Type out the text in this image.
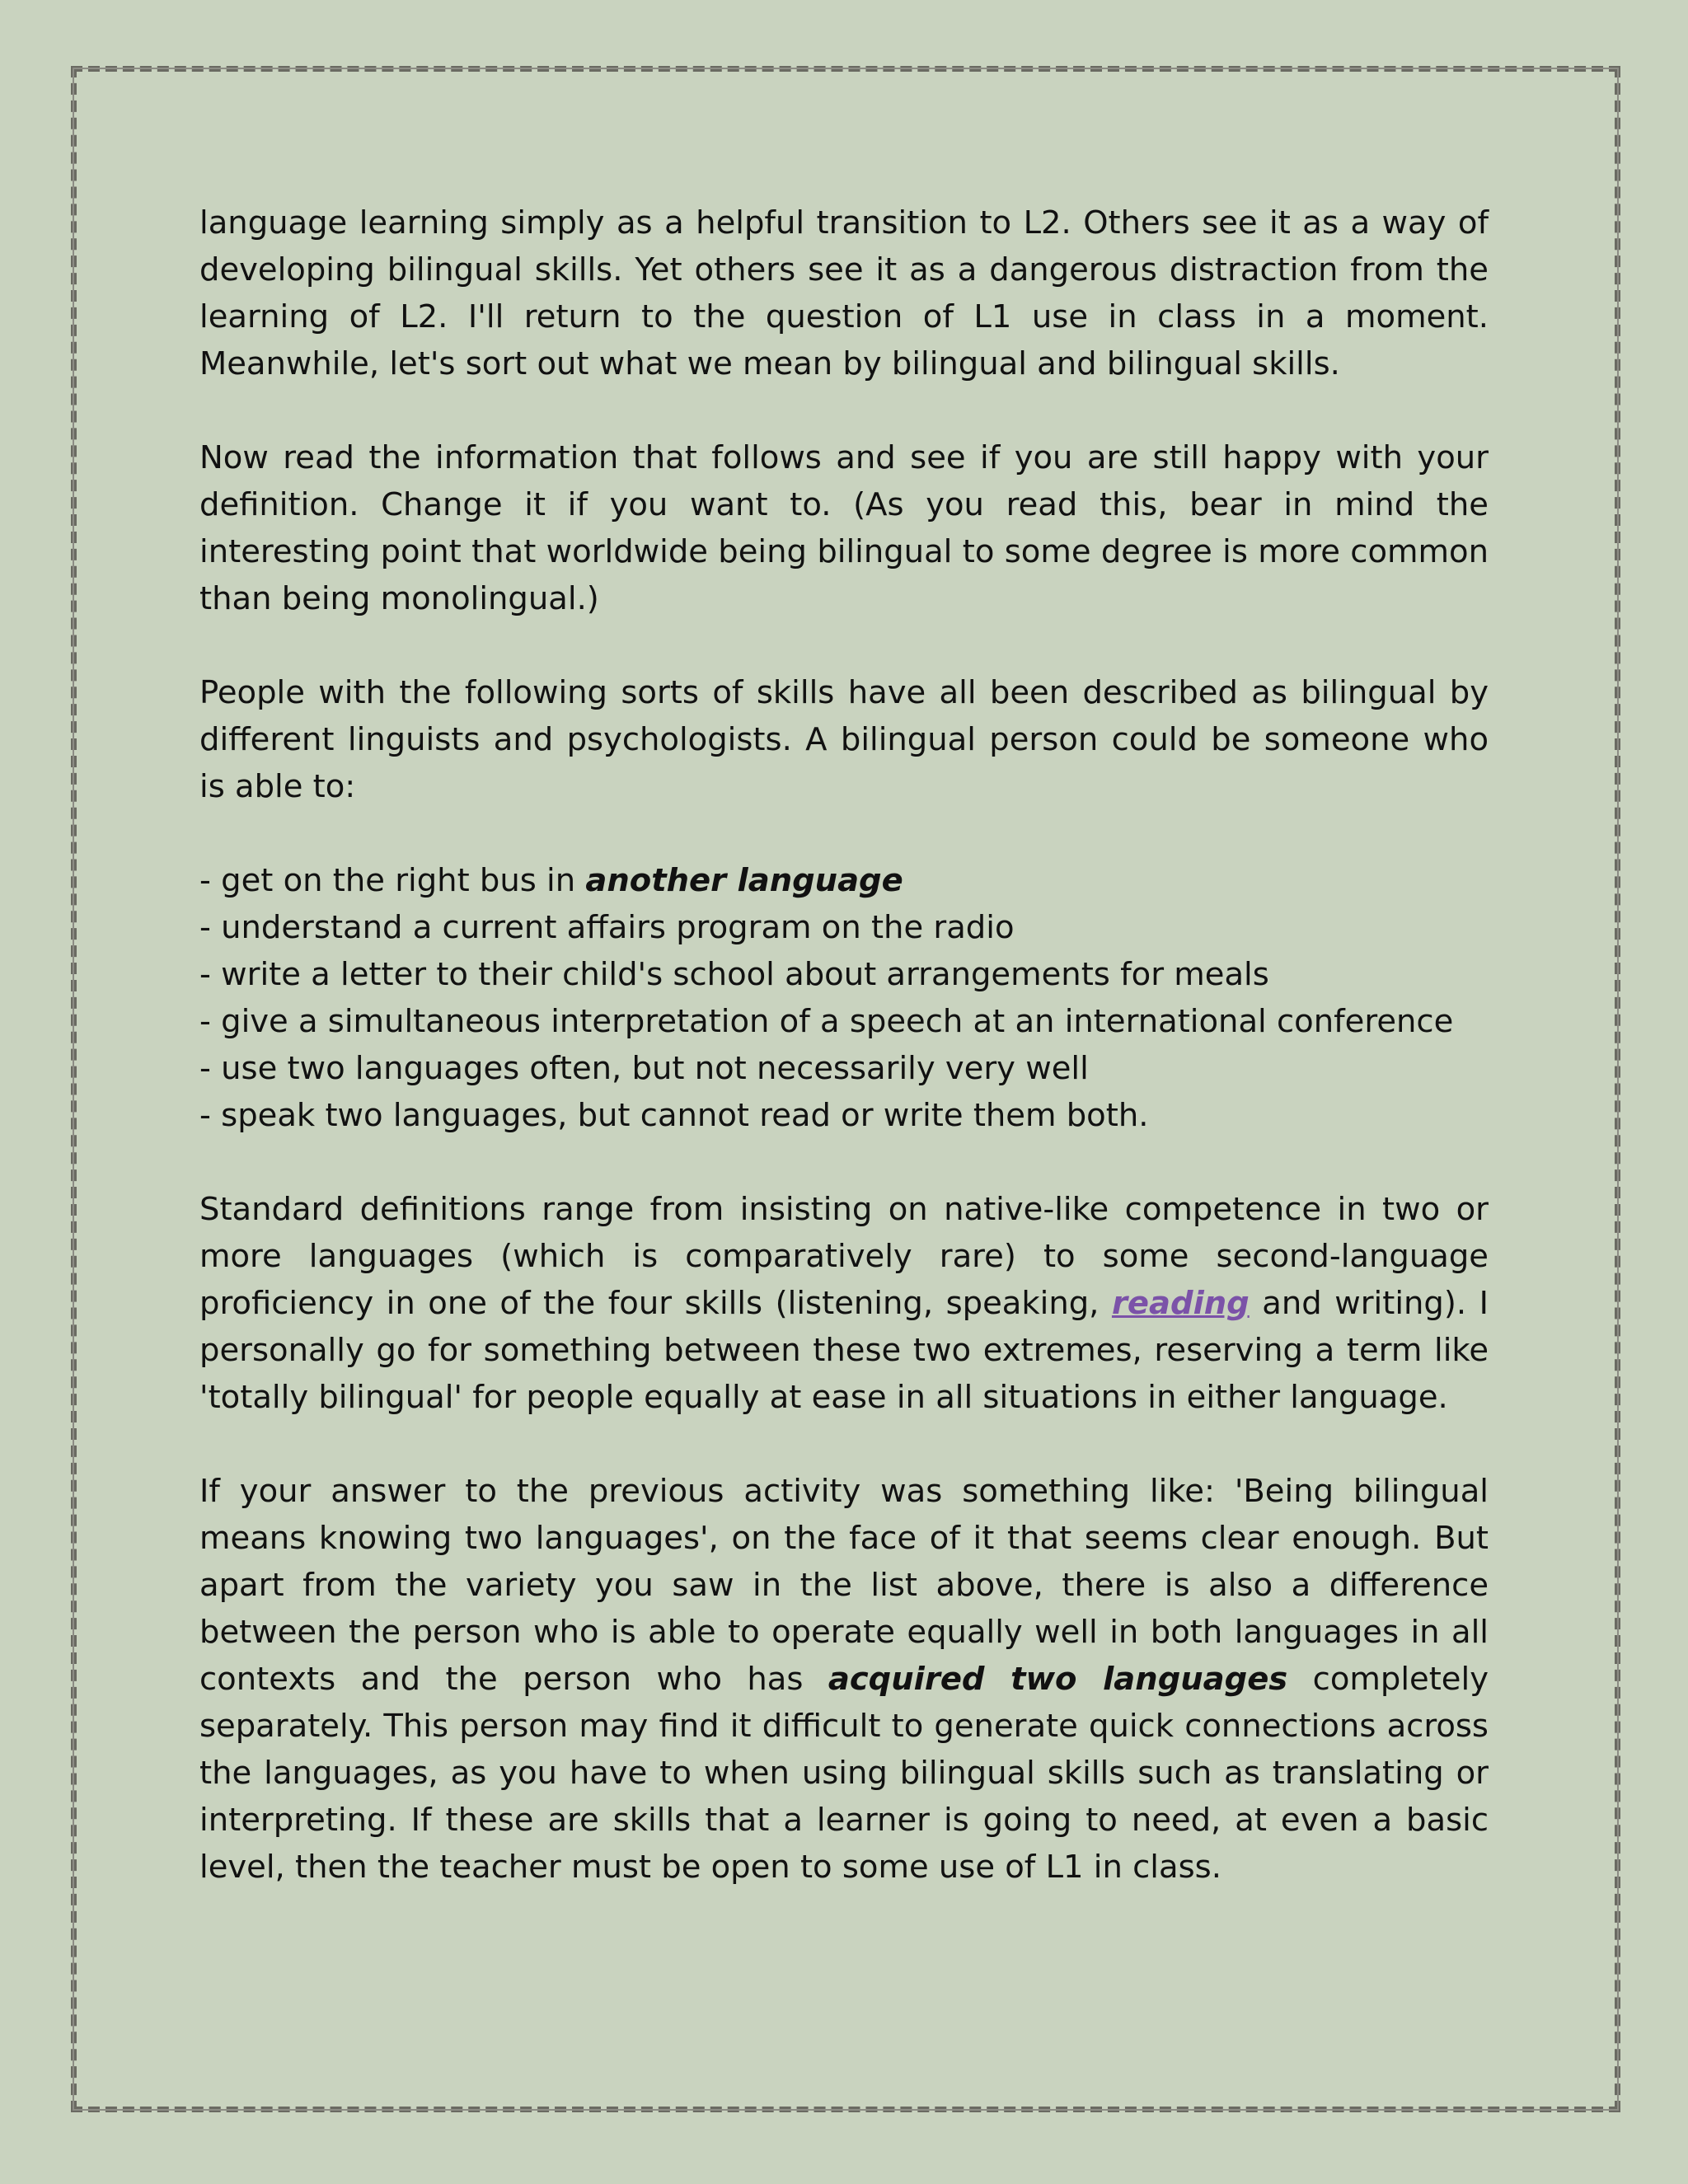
language learning simply as a helpful transition to L2. Others see it as a way of developing bilingual skills. Yet others see it as a dangerous distraction from the learning of L2. I'll return to the question of L1 use in class in a moment. Meanwhile, let's sort out what we mean by bilingual and bilingual skills.

Now read the information that follows and see if you are still happy with your definition. Change it if you want to. (As you read this, bear in mind the interesting point that worldwide being bilingual to some degree is more common than being monolingual.)

People with the following sorts of skills have all been described as bilingual by different linguists and psychologists. A bilingual person could be someone who is able to:

- get on the right bus in another language
- understand a current affairs program on the radio
- write a letter to their child's school about arrangements for meals
- give a simultaneous interpretation of a speech at an international conference
- use two languages often, but not necessarily very well
- speak two languages, but cannot read or write them both.

Standard definitions range from insisting on native-like competence in two or more languages (which is comparatively rare) to some second-language proficiency in one of the four skills (listening, speaking, reading and writing). I personally go for something between these two extremes, reserving a term like 'totally bilingual' for people equally at ease in all situations in either language.

If your answer to the previous activity was something like: 'Being bilingual means knowing two languages', on the face of it that seems clear enough. But apart from the variety you saw in the list above, there is also a difference between the person who is able to operate equally well in both languages in all contexts and the person who has acquired two languages completely separately. This person may find it difficult to generate quick connections across the languages, as you have to when using bilingual skills such as translating or interpreting. If these are skills that a learner is going to need, at even a basic level, then the teacher must be open to some use of L1 in class.
